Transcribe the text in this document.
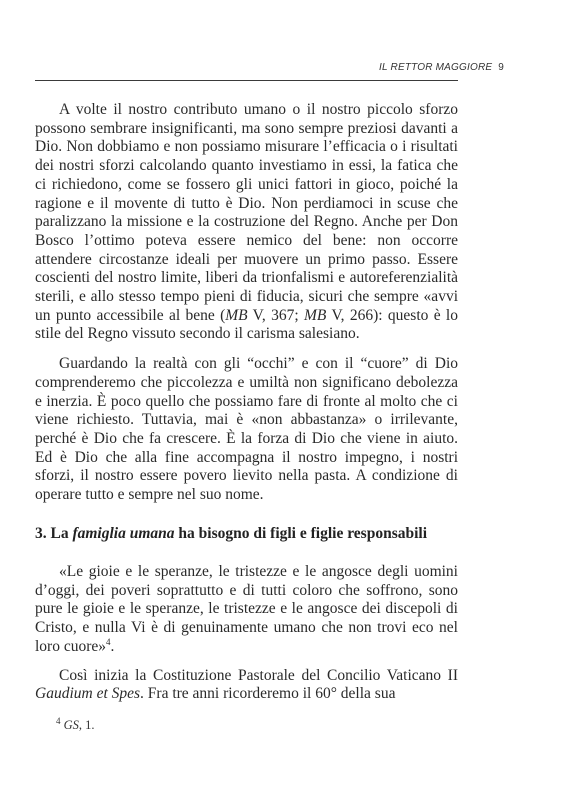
IL RETTOR MAGGIORE 9

A volte il nostro contributo umano o il nostro piccolo sforzo possono sembrare insignificanti, ma sono sempre preziosi davanti a Dio. Non dobbiamo e non possiamo misurare l’efficacia o i risultati dei nostri sforzi calcolando quanto investiamo in essi, la fatica che ci richiedono, come se fossero gli unici fattori in gioco, poiché la ragione e il movente di tutto è Dio. Non perdiamoci in scuse che paralizzano la missione e la costruzione del Regno. Anche per Don Bosco l’ottimo poteva essere nemico del bene: non occorre attendere circostanze ideali per muovere un primo passo. Essere coscienti del nostro limite, liberi da trionfalismi e autoreferenzialità sterili, e allo stesso tempo pieni di fiducia, sicuri che sempre «avvi un punto accessibile al bene (MB V, 367; MB V, 266): questo è lo stile del Regno vissuto secondo il carisma salesiano.

Guardando la realtà con gli “occhi” e con il “cuore” di Dio comprenderemo che piccolezza e umiltà non significano debolezza e inerzia. È poco quello che possiamo fare di fronte al molto che ci viene richiesto. Tuttavia, mai è «non abbastanza» o irrilevante, perché è Dio che fa crescere. È la forza di Dio che viene in aiuto. Ed è Dio che alla fine accompagna il nostro impegno, i nostri sforzi, il nostro essere povero lievito nella pasta. A condizione di operare tutto e sempre nel suo nome.

3. La famiglia umana ha bisogno di figli e figlie responsabili

«Le gioie e le speranze, le tristezze e le angosce degli uomini d’oggi, dei poveri soprattutto e di tutti coloro che soffrono, sono pure le gioie e le speranze, le tristezze e le angosce dei discepoli di Cristo, e nulla Vi è di genuinamente umano che non trovi eco nel loro cuore»$^4$.

Così inizia la Costituzione Pastorale del Concilio Vaticano II Gaudium et Spes. Fra tre anni ricorderemo il 60° della sua

$^4$ GS, 1.
